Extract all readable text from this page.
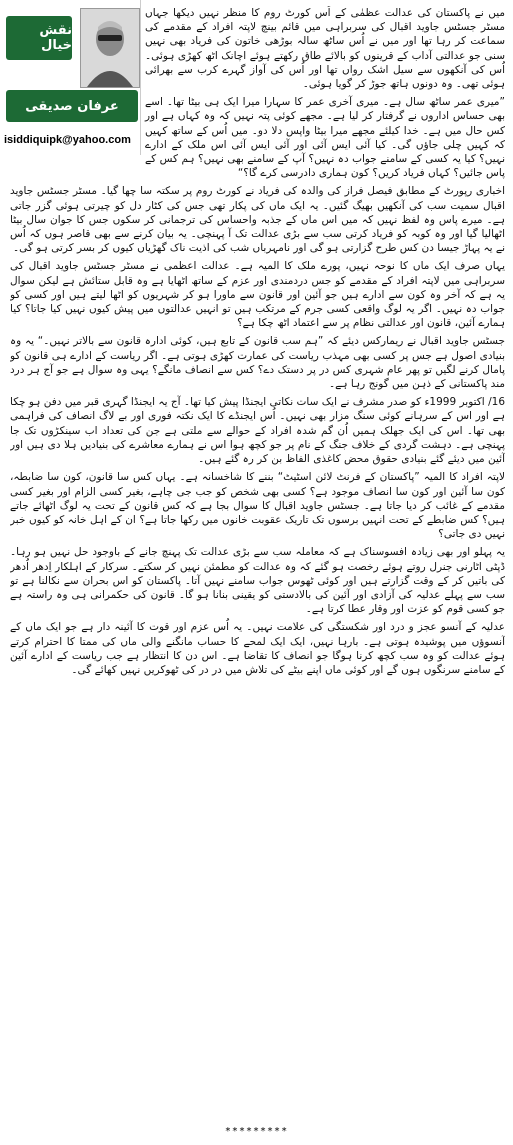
نقش خیال
عرفان صدیقی
isiddiquipk@yahoo.com

میں نے پاکستان کی عدالت عظمٰی کے اُس کورٹ روم کا منظر نہیں دیکھا جہاں مسٹر جسٹس جاوید اقبال کی سربراہی میں قائم بینچ لاپتہ افراد کے مقدمے کی سماعت کر رہا تھا اور میں نے اُس ساٹھ سالہ بوڑھی خاتون کی فریاد بھی نہیں سنی جو عدالتی آداب کے قرینوں کو بالائے طاق رکھتے ہوئے اچانک اٹھ کھڑی ہوئی۔ اُس کی آنکھوں سے سیل اشک رواں تھا اور اُس کی آواز گہرے کرب سے بھرائی ہوئی تھی۔ وہ دونوں ہاتھ جوڑ کر گویا ہوئی۔

”میری عمر ساٹھ سال ہے۔ میری آخری عمر کا سہارا میرا ایک ہی بیٹا تھا۔ اسے بھی حساس اداروں نے گرفتار کر لیا ہے۔ مجھے کوئی پتہ نہیں کہ وہ کہاں ہے اور کس حال میں ہے۔ خدا کیلئے مجھے میرا بیٹا واپس دلا دو۔ میں اُس کے ساتھ کہیں کہ کہیں چلی جاؤں گی۔ کیا آئی ایس آئی اور آئی ایس آئی اس ملک کے ادارے نہیں؟ کیا یہ کسی کے سامنے جواب دہ نہیں؟ آپ کے سامنے بھی نہیں؟ ہم کس کے پاس جائیں؟ کہاں فریاد کریں؟ کون ہماری دادرسی کرے گا؟“

اخباری رپورٹ کے مطابق فیصل فراز کی والدہ کی فریاد نے کورٹ روم پر سکتہ سا چھا گیا۔ مسٹر جسٹس جاوید اقبال سمیت سب کی آنکھیں بھیگ گئیں۔ یہ ایک ماں کی پکار تھی جس کی کٹار دل کو چیرتی ہوئی گزر جاتی ہے۔ میرے پاس وہ لفظ نہیں کہ میں اس ماں کے جذبہ واحساس کی ترجمانی کر سکوں جس کا جوان سال بیٹا اٹھالیا گیا اور وہ کوبہ کو فریاد کرتی سب سے بڑی عدالت تک آ پہنچی۔ یہ بیان کرنے سے بھی قاصر ہوں کہ اُس نے یہ پہاڑ جیسا دن کس طرح گزارتی ہو گی اور نامہرباں شب کی اذیت ناک گھڑیاں کیوں کر بسر کرتی ہو گی۔

یہاں صرف ایک ماں کا نوحہ نہیں، پورے ملک کا المیہ ہے۔ عدالت اعظمی نے مسٹر جسٹس جاوید اقبال کی سربراہی میں لاپتہ افراد کے مقدمے کو جس دردمندی اور عزم کے ساتھ اٹھایا ہے وہ قابل ستائش ہے لیکن سوال یہ ہے کہ آخر وہ کون سے ادارے ہیں جو آئین اور قانون سے ماورا ہو کر شہریوں کو اٹھا لیتے ہیں اور کسی کو جواب دہ نہیں۔ اگر یہ لوگ واقعی کسی جرم کے مرتکب ہیں تو انہیں عدالتوں میں پیش کیوں نہیں کیا جاتا؟ کیا ہمارے آئین، قانون اور عدالتی نظام پر سے اعتماد اٹھ چکا ہے؟

جسٹس جاوید اقبال نے ریمارکس دیئے کہ ”ہم سب قانون کے تابع ہیں، کوئی ادارہ قانون سے بالاتر نہیں۔“ یہ وہ بنیادی اصول ہے جس پر کسی بھی مہذب ریاست کی عمارت کھڑی ہوتی ہے۔ اگر ریاست کے ادارے ہی قانون کو پامال کرنے لگیں تو پھر عام شہری کس در پر دستک دے؟ کس سے انصاف مانگے؟ یہی وہ سوال ہے جو آج ہر درد مند پاکستانی کے ذہن میں گونج رہا ہے۔

16/ اکتوبر 1999ء کو صدر مشرف نے ایک سات نکاتی ایجنڈا پیش کیا تھا۔ آج یہ ایجنڈا گہری قبر میں دفن ہو چکا ہے اور اس کے سرہانے کوئی سنگ مزار بھی نہیں۔ اُس ایجنڈے کا ایک نکتہ فوری اور بے لاگ انصاف کی فراہمی بھی تھا۔ اس کی ایک جھلک ہمیں اُن گم شدہ افراد کے حوالے سے ملتی ہے جن کی تعداد اب سینکڑوں تک جا پہنچی ہے۔ دہشت گردی کے خلاف جنگ کے نام پر جو کچھ ہوا اس نے ہمارے معاشرے کی بنیادیں ہلا دی ہیں اور آئین میں دیئے گئے بنیادی حقوق محض کاغذی الفاظ بن کر رہ گئے ہیں۔

لاپتہ افراد کا المیہ ”پاکستان کے فرنٹ لائن اسٹیٹ“ بننے کا شاخسانہ ہے۔ یہاں کس سا قانون، کون سا ضابطہ، کون سا آئین اور کون سا انصاف موجود ہے؟ کسی بھی شخص کو جب جی چاہے، بغیر کسی الزام اور بغیر کسی مقدمے کے غائب کر دیا جاتا ہے۔ جسٹس جاوید اقبال کا سوال بجا ہے کہ کس قانون کے تحت یہ لوگ اٹھائے جاتے ہیں؟ کس ضابطے کے تحت انہیں برسوں تک تاریک عقوبت خانوں میں رکھا جاتا ہے؟ ان کے اہل خانہ کو کیوں خبر نہیں دی جاتی؟

یہ پہلو اور بھی زیادہ افسوسناک ہے کہ معاملہ سب سے بڑی عدالت تک پہنچ جانے کے باوجود حل نہیں ہو رہا۔ ڈپٹی اٹارنی جنرل روتے ہوئے رخصت ہو گئے کہ وہ عدالت کو مطمئن نہیں کر سکتے۔ سرکار کے اہلکار اِدھر اُدھر کی باتیں کر کے وقت گزارتے ہیں اور کوئی ٹھوس جواب سامنے نہیں آتا۔ پاکستان کو اس بحران سے نکالنا ہے تو سب سے پہلے عدلیہ کی آزادی اور آئین کی بالادستی کو یقینی بنانا ہو گا۔ قانون کی حکمرانی ہی وہ راستہ ہے جو کسی قوم کو عزت اور وقار عطا کرتا ہے۔

عدلیہ کے آنسو عجز و درد اور شکستگی کی علامت نہیں۔ یہ اُس عزم اور قوت کا آئینہ دار ہے جو ایک ماں کے آنسوؤں میں پوشیدہ ہوتی ہے۔ بارہا نہیں، ایک ایک لمحے کا حساب مانگنے والی ماں کی ممتا کا احترام کرتے ہوئے عدالت کو وہ سب کچھ کرنا ہوگا جو انصاف کا تقاضا ہے۔ اس دن کا انتظار ہے جب ریاست کے ادارے آئین کے سامنے سرنگوں ہوں گے اور کوئی ماں اپنے بیٹے کی تلاش میں در در کی ٹھوکریں نہیں کھائے گی۔

*********
